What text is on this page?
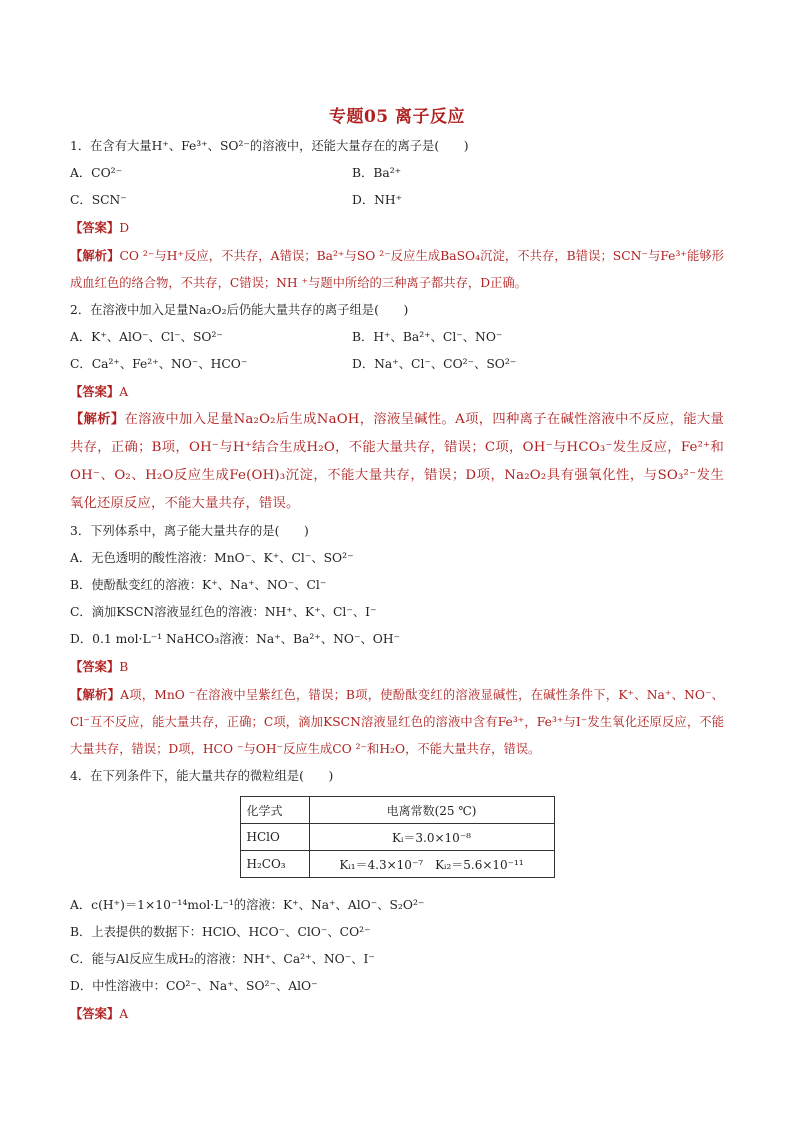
专题05 离子反应
1．在含有大量H⁺、Fe³⁺、SO²⁻的溶液中，还能大量存在的离子是(　　)
A．CO²⁻	B．Ba²⁺
C．SCN⁻	D．NH⁺
【答案】D
【解析】CO ²⁻与H⁺反应，不共存，A错误；Ba²⁺与SO ²⁻反应生成BaSO₄沉淀，不共存，B错误；SCN⁻与Fe³⁺能够形成血红色的络合物，不共存，C错误；NH ⁺与题中所给的三种离子都共存，D正确。
2．在溶液中加入足量Na₂O₂后仍能大量共存的离子组是(　　)
A．K⁺、AlO⁻、Cl⁻、SO²⁻	B．H⁺、Ba²⁺、Cl⁻、NO⁻
C．Ca²⁺、Fe²⁺、NO⁻、HCO⁻	D．Na⁺、Cl⁻、CO²⁻、SO²⁻
【答案】A
【解析】在溶液中加入足量Na₂O₂后生成NaOH，溶液呈碱性。A项，四种离子在碱性溶液中不反应，能大量共存，正确；B项，OH⁻与H⁺结合生成H₂O，不能大量共存，错误；C项，OH⁻与HCO₃⁻发生反应，Fe²⁺和OH⁻、O₂、H₂O反应生成Fe(OH)₃沉淀，不能大量共存，错误；D项，Na₂O₂具有强氧化性，与SO₃²⁻发生氧化还原反应，不能大量共存，错误。
3．下列体系中，离子能大量共存的是(　　)
A．无色透明的酸性溶液：MnO⁻、K⁺、Cl⁻、SO²⁻
B．使酚酞变红的溶液：K⁺、Na⁺、NO⁻、Cl⁻
C．滴加KSCN溶液显红色的溶液：NH⁺、K⁺、Cl⁻、I⁻
D．0.1 mol·L⁻¹ NaHCO₃溶液：Na⁺、Ba²⁺、NO⁻、OH⁻
【答案】B
【解析】A项，MnO ⁻在溶液中呈紫红色，错误；B项，使酚酞变红的溶液显碱性，在碱性条件下，K⁺、Na⁺、NO⁻、Cl⁻互不反应，能大量共存，正确；C项，滴加KSCN溶液显红色的溶液中含有Fe³⁺，Fe³⁺与I⁻发生氧化还原反应，不能大量共存，错误；D项，HCO ⁻与OH⁻反应生成CO ²⁻和H₂O，不能大量共存，错误。
4．在下列条件下，能大量共存的微粒组是(　　)
化学式	电离常数(25 ℃)
HClO	Kᵢ＝3.0×10⁻⁸
H₂CO₃	Kᵢ₁＝4.3×10⁻⁷　Kᵢ₂＝5.6×10⁻¹¹
A．c(H⁺)＝1×10⁻¹⁴mol·L⁻¹的溶液：K⁺、Na⁺、AlO⁻、S₂O²⁻
B．上表提供的数据下：HClO、HCO⁻、ClO⁻、CO²⁻
C．能与Al反应生成H₂的溶液：NH⁺、Ca²⁺、NO⁻、I⁻
D．中性溶液中：CO²⁻、Na⁺、SO²⁻、AlO⁻
【答案】A
